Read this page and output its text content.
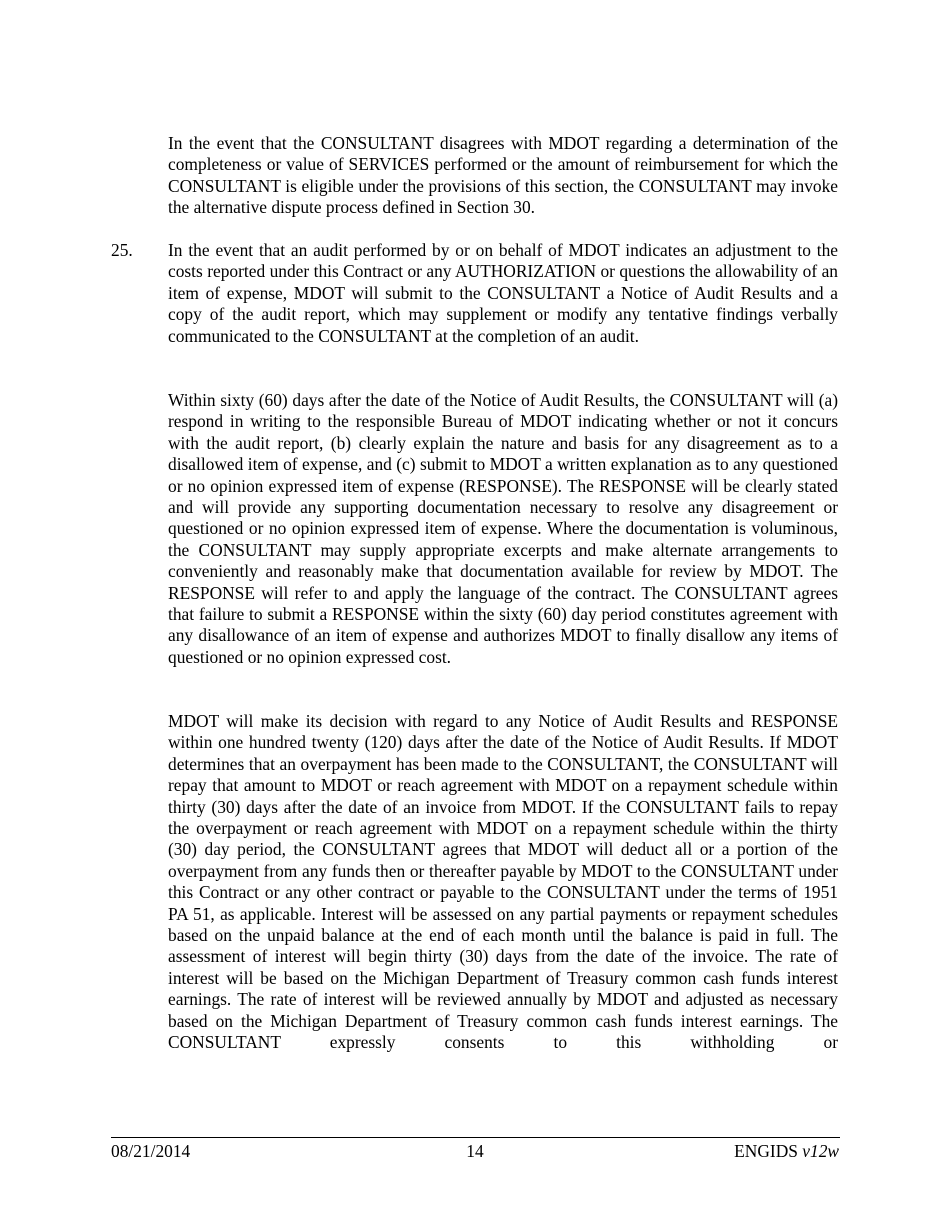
In the event that the CONSULTANT disagrees with MDOT regarding a determination of the completeness or value of SERVICES performed or the amount of reimbursement for which the CONSULTANT is eligible under the provisions of this section, the CONSULTANT may invoke the alternative dispute process defined in Section 30.

25. In the event that an audit performed by or on behalf of MDOT indicates an adjustment to the costs reported under this Contract or any AUTHORIZATION or questions the allowability of an item of expense, MDOT will submit to the CONSULTANT a Notice of Audit Results and a copy of the audit report, which may supplement or modify any tentative findings verbally communicated to the CONSULTANT at the completion of an audit.

Within sixty (60) days after the date of the Notice of Audit Results, the CONSULTANT will (a) respond in writing to the responsible Bureau of MDOT indicating whether or not it concurs with the audit report, (b) clearly explain the nature and basis for any disagreement as to a disallowed item of expense, and (c) submit to MDOT a written explanation as to any questioned or no opinion expressed item of expense (RESPONSE). The RESPONSE will be clearly stated and will provide any supporting documentation necessary to resolve any disagreement or questioned or no opinion expressed item of expense. Where the documentation is voluminous, the CONSULTANT may supply appropriate excerpts and make alternate arrangements to conveniently and reasonably make that documentation available for review by MDOT. The RESPONSE will refer to and apply the language of the contract. The CONSULTANT agrees that failure to submit a RESPONSE within the sixty (60) day period constitutes agreement with any disallowance of an item of expense and authorizes MDOT to finally disallow any items of questioned or no opinion expressed cost.

MDOT will make its decision with regard to any Notice of Audit Results and RESPONSE within one hundred twenty (120) days after the date of the Notice of Audit Results. If MDOT determines that an overpayment has been made to the CONSULTANT, the CONSULTANT will repay that amount to MDOT or reach agreement with MDOT on a repayment schedule within thirty (30) days after the date of an invoice from MDOT. If the CONSULTANT fails to repay the overpayment or reach agreement with MDOT on a repayment schedule within the thirty (30) day period, the CONSULTANT agrees that MDOT will deduct all or a portion of the overpayment from any funds then or thereafter payable by MDOT to the CONSULTANT under this Contract or any other contract or payable to the CONSULTANT under the terms of 1951 PA 51, as applicable. Interest will be assessed on any partial payments or repayment schedules based on the unpaid balance at the end of each month until the balance is paid in full. The assessment of interest will begin thirty (30) days from the date of the invoice. The rate of interest will be based on the Michigan Department of Treasury common cash funds interest earnings. The rate of interest will be reviewed annually by MDOT and adjusted as necessary based on the Michigan Department of Treasury common cash funds interest earnings. The CONSULTANT expressly consents to this withholding or

08/21/2014	14	ENGIDS v12w
